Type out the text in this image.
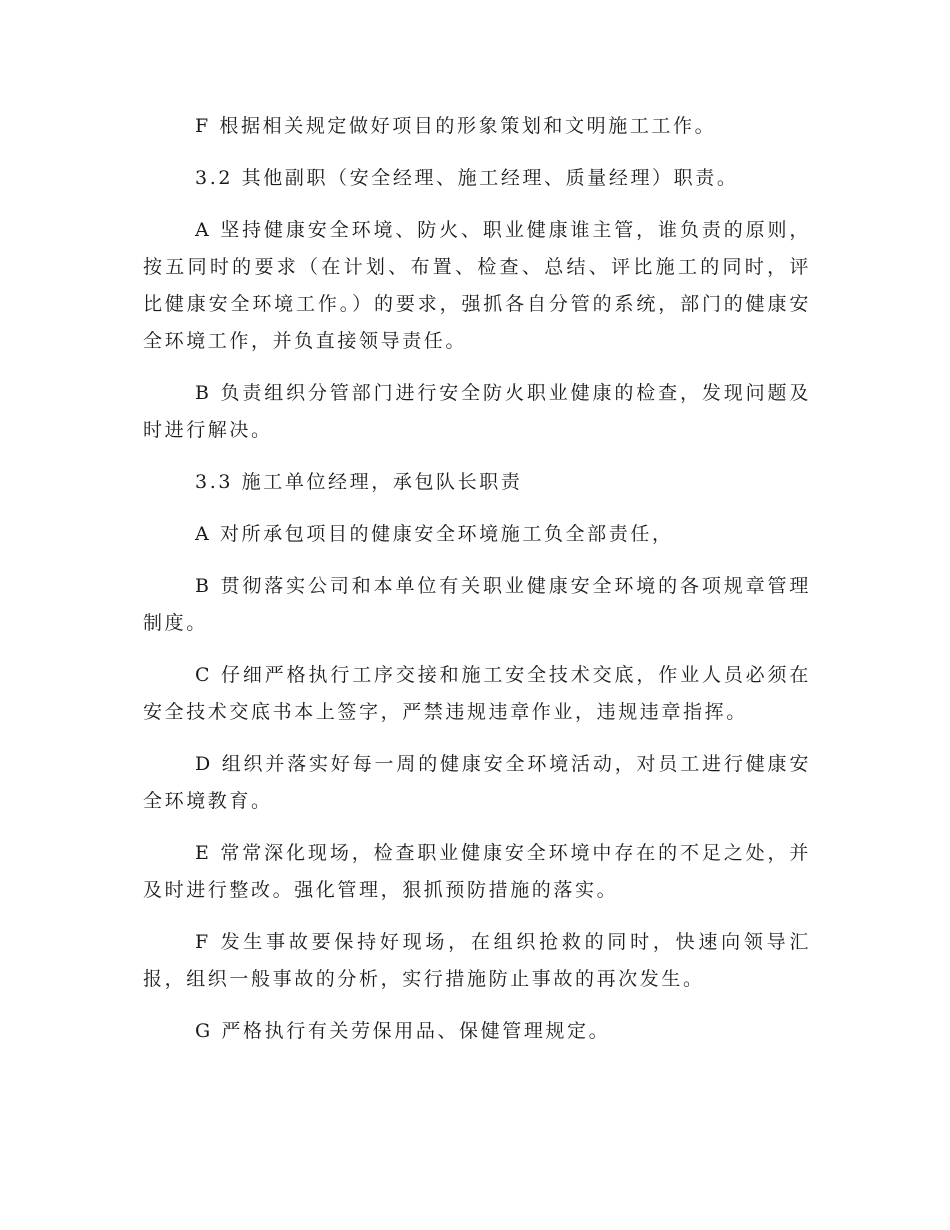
F 根据相关规定做好项目的形象策划和文明施工工作。

3.2 其他副职（安全经理、施工经理、质量经理）职责。

A 坚持健康安全环境、防火、职业健康谁主管，谁负责的原则，按五同时的要求（在计划、布置、检查、总结、评比施工的同时，评比健康安全环境工作。）的要求，强抓各自分管的系统，部门的健康安全环境工作，并负直接领导责任。

B 负责组织分管部门进行安全防火职业健康的检查，发现问题及时进行解决。

3.3 施工单位经理，承包队长职责

A 对所承包项目的健康安全环境施工负全部责任，

B 贯彻落实公司和本单位有关职业健康安全环境的各项规章管理制度。

C 仔细严格执行工序交接和施工安全技术交底，作业人员必须在安全技术交底书本上签字，严禁违规违章作业，违规违章指挥。

D 组织并落实好每一周的健康安全环境活动，对员工进行健康安全环境教育。

E 常常深化现场，检查职业健康安全环境中存在的不足之处，并及时进行整改。强化管理，狠抓预防措施的落实。

F 发生事故要保持好现场，在组织抢救的同时，快速向领导汇报，组织一般事故的分析，实行措施防止事故的再次发生。

G 严格执行有关劳保用品、保健管理规定。
